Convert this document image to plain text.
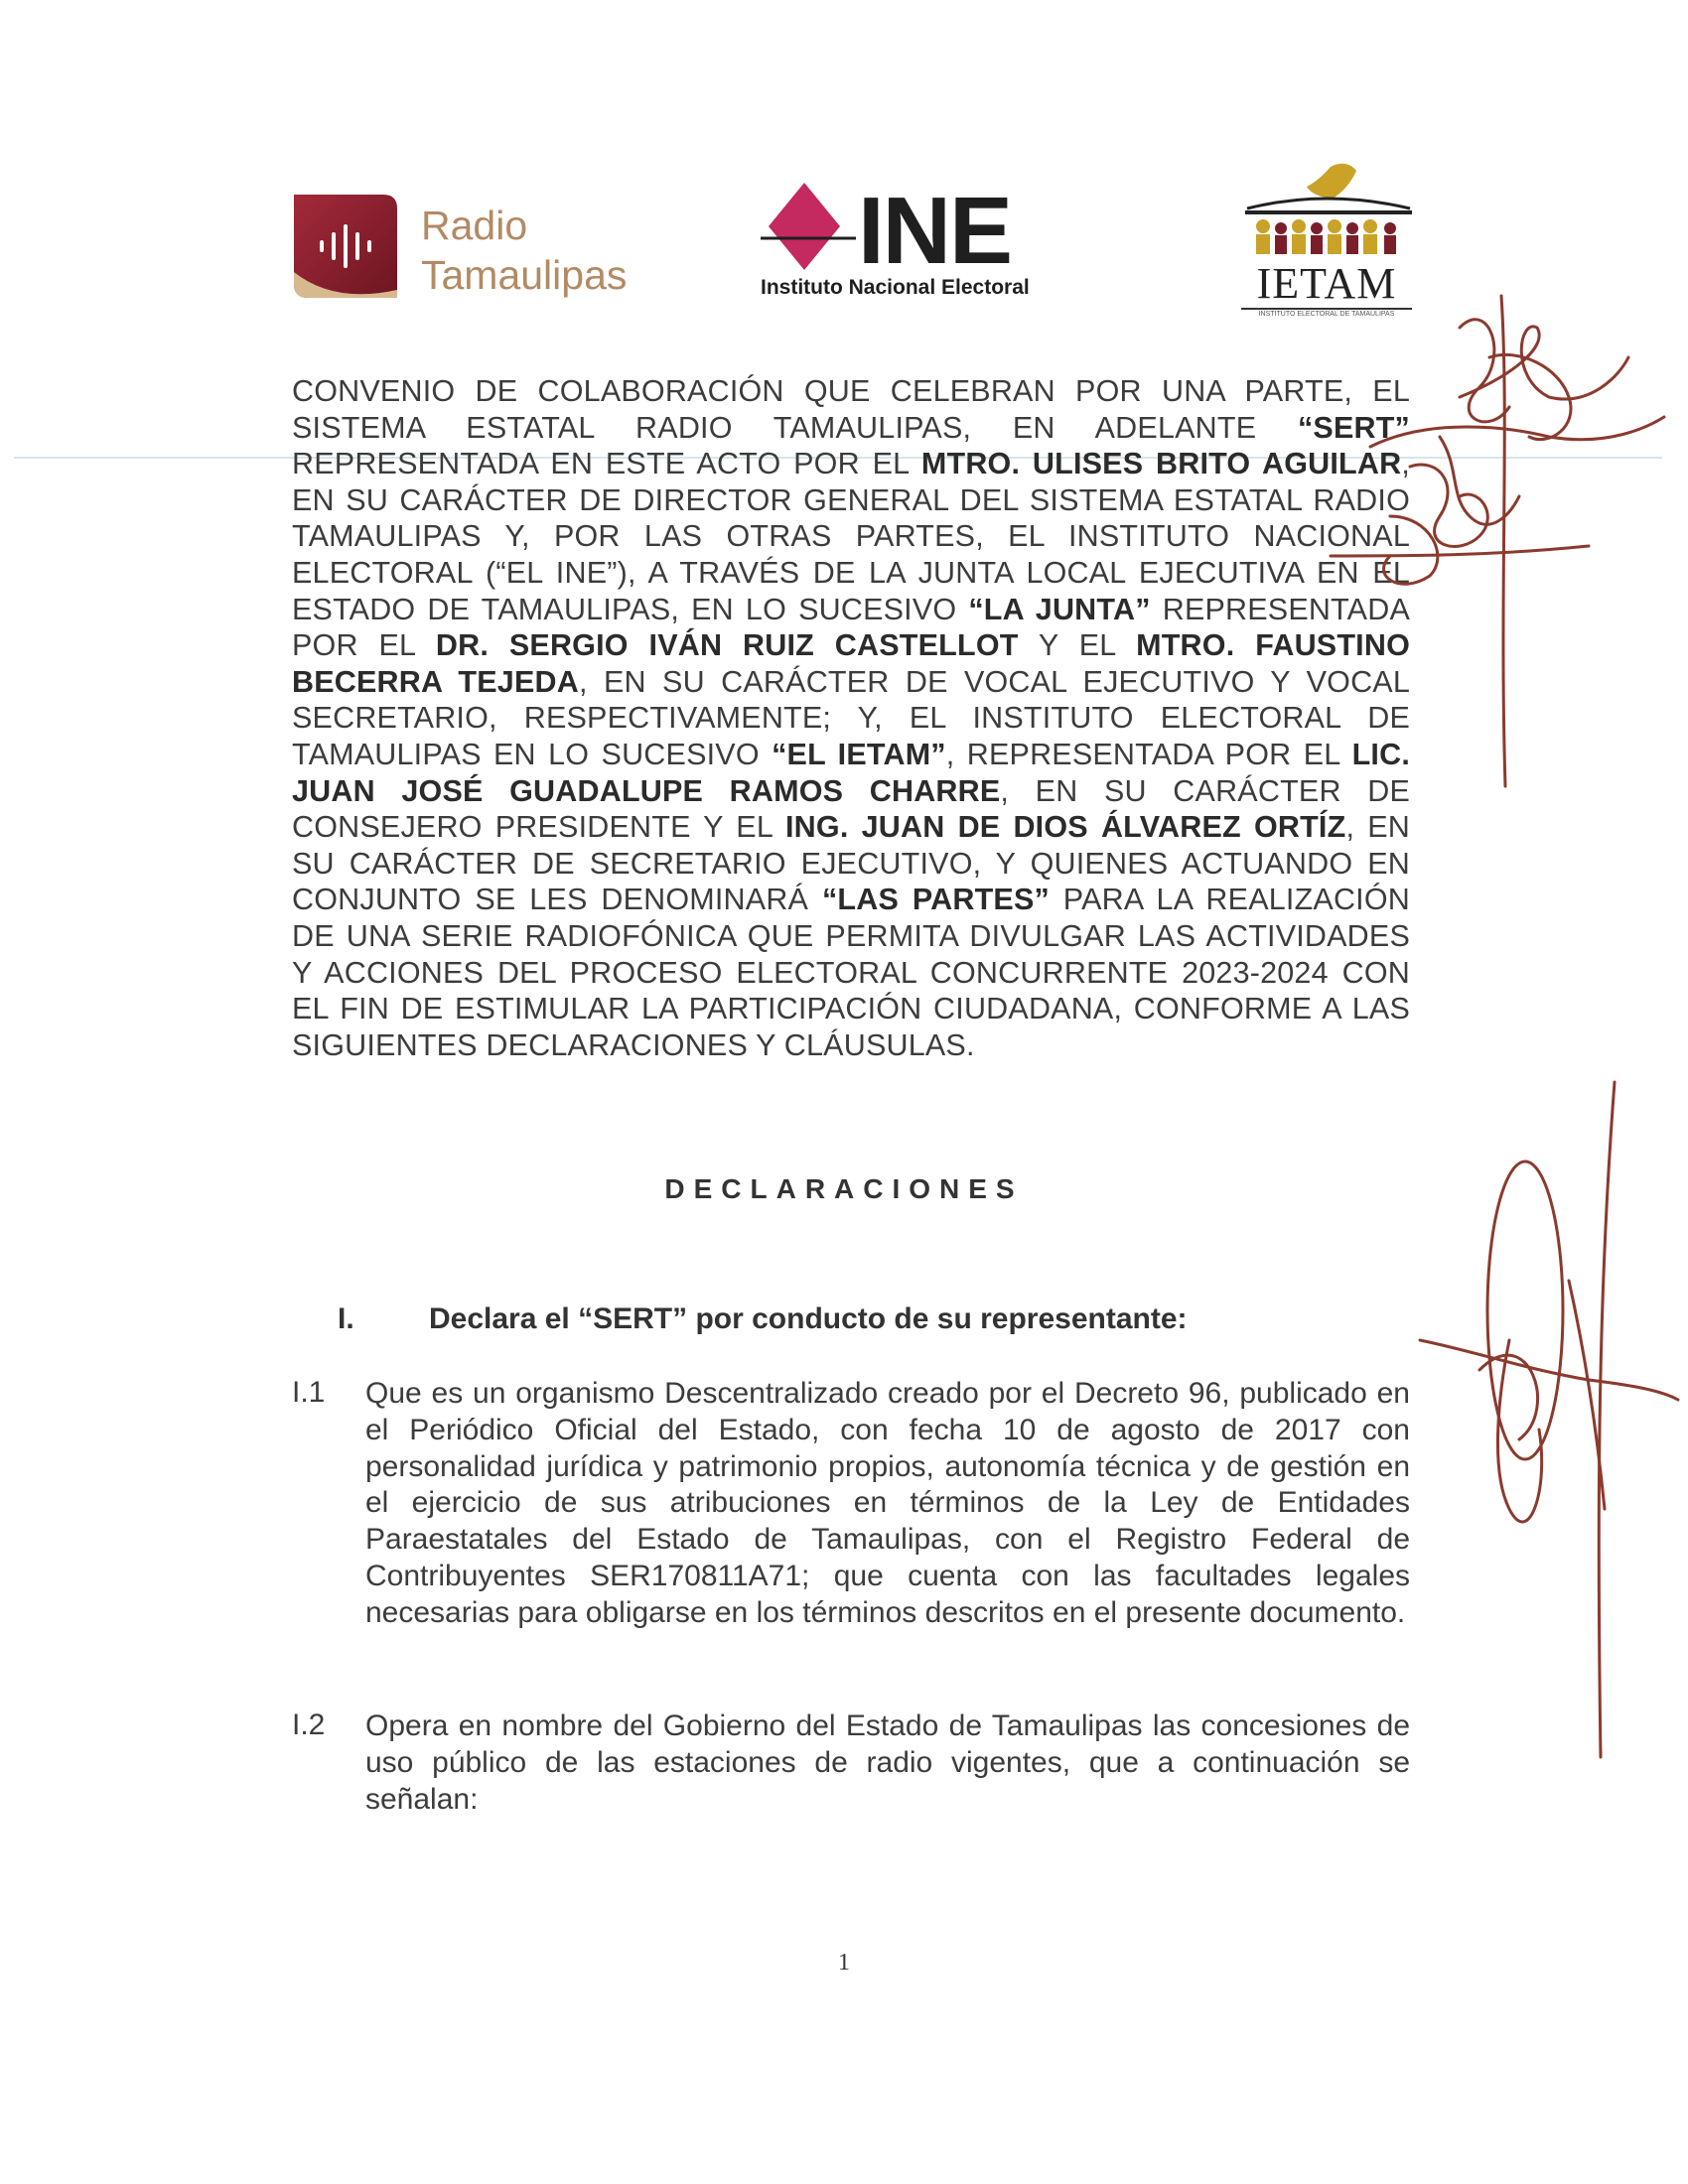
Radio
Tamaulipas INE
Instituto Nacional Electoral	IETAM
INSTITUTO ELECTORAL DE TAMAULIPAS
CONVENIO DE COLABORACIÓN QUE CELEBRAN POR UNA PARTE, EL SISTEMA ESTATAL RADIO TAMAULIPAS, EN ADELANTE “SERT” REPRESENTADA EN ESTE ACTO POR EL MTRO. ULISES BRITO AGUILAR, EN SU CARÁCTER DE DIRECTOR GENERAL DEL SISTEMA ESTATAL RADIO TAMAULIPAS Y, POR LAS OTRAS PARTES, EL INSTITUTO NACIONAL ELECTORAL (“EL INE”), A TRAVÉS DE LA JUNTA LOCAL EJECUTIVA EN EL ESTADO DE TAMAULIPAS, EN LO SUCESIVO “LA JUNTA” REPRESENTADA POR EL DR. SERGIO IVÁN RUIZ CASTELLOT Y EL MTRO. FAUSTINO BECERRA TEJEDA, EN SU CARÁCTER DE VOCAL EJECUTIVO Y VOCAL SECRETARIO, RESPECTIVAMENTE; Y, EL INSTITUTO ELECTORAL DE TAMAULIPAS EN LO SUCESIVO “EL IETAM”, REPRESENTADA POR EL LIC. JUAN JOSÉ GUADALUPE RAMOS CHARRE, EN SU CARÁCTER DE CONSEJERO PRESIDENTE Y EL ING. JUAN DE DIOS ÁLVAREZ ORTÍZ, EN SU CARÁCTER DE SECRETARIO EJECUTIVO, Y QUIENES ACTUANDO EN CONJUNTO SE LES DENOMINARÁ “LAS PARTES” PARA LA REALIZACIÓN DE UNA SERIE RADIOFÓNICA QUE PERMITA DIVULGAR LAS ACTIVIDADES Y ACCIONES DEL PROCESO ELECTORAL CONCURRENTE 2023-2024 CON EL FIN DE ESTIMULAR LA PARTICIPACIÓN CIUDADANA, CONFORME A LAS SIGUIENTES DECLARACIONES Y CLÁUSULAS.
DECLARACIONES
I.	Declara el “SERT” por conducto de su representante:
I.1 Que es un organismo Descentralizado creado por el Decreto 96, publicado en el Periódico Oficial del Estado, con fecha 10 de agosto de 2017 con personalidad jurídica y patrimonio propios, autonomía técnica y de gestión en el ejercicio de sus atribuciones en términos de la Ley de Entidades Paraestatales del Estado de Tamaulipas, con el Registro Federal de Contribuyentes SER170811A71; que cuenta con las facultades legales necesarias para obligarse en los términos descritos en el presente documento.
I.2 Opera en nombre del Gobierno del Estado de Tamaulipas las concesiones de uso público de las estaciones de radio vigentes, que a continuación se señalan:
1
